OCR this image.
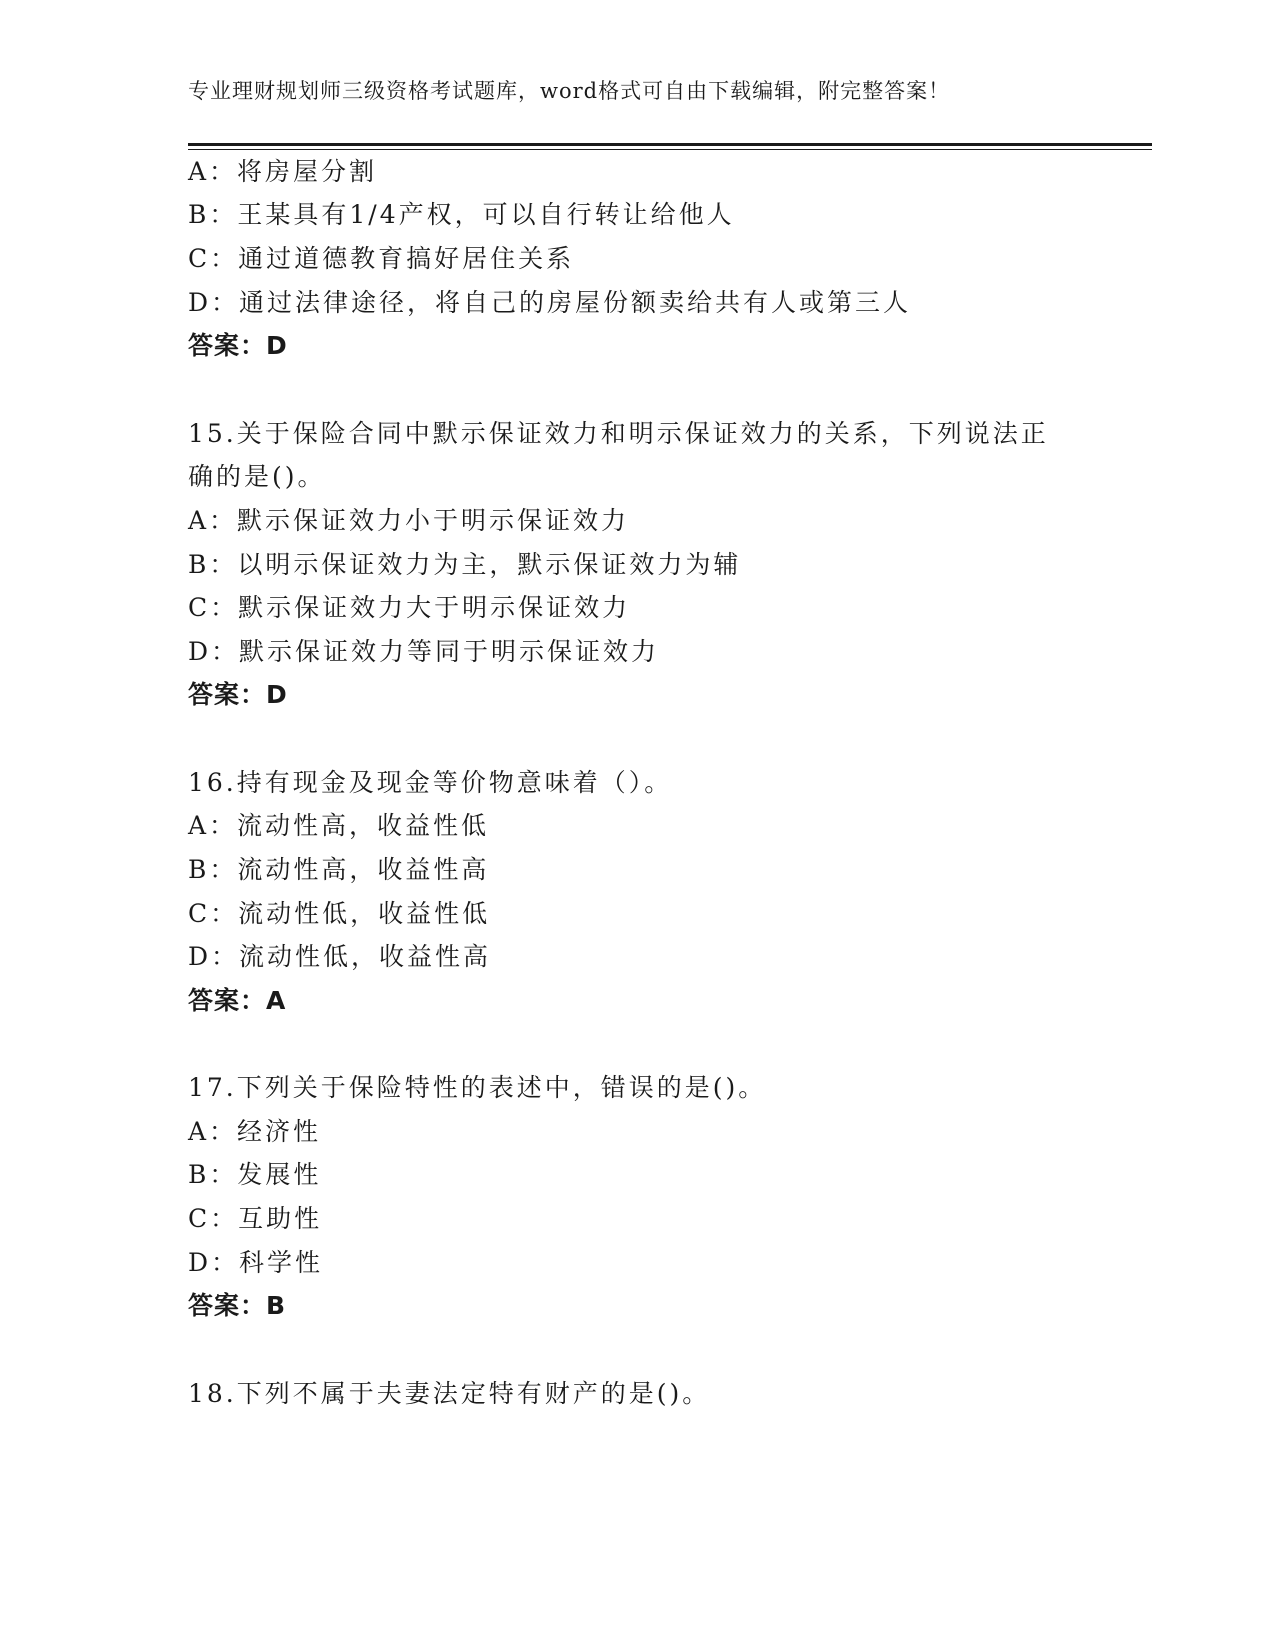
专业理财规划师三级资格考试题库，word格式可自由下载编辑，附完整答案！
A：将房屋分割
B：王某具有1/4产权，可以自行转让给他人
C：通过道德教育搞好居住关系
D：通过法律途径，将自己的房屋份额卖给共有人或第三人
答案：D
15.关于保险合同中默示保证效力和明示保证效力的关系，下列说法正
确的是()。
A：默示保证效力小于明示保证效力
B：以明示保证效力为主，默示保证效力为辅
C：默示保证效力大于明示保证效力
D：默示保证效力等同于明示保证效力
答案：D
16.持有现金及现金等价物意味着（）。
A：流动性高，收益性低
B：流动性高，收益性高
C：流动性低，收益性低
D：流动性低，收益性高
答案：A
17.下列关于保险特性的表述中，错误的是()。
A：经济性
B：发展性
C：互助性
D：科学性
答案：B
18.下列不属于夫妻法定特有财产的是()。
